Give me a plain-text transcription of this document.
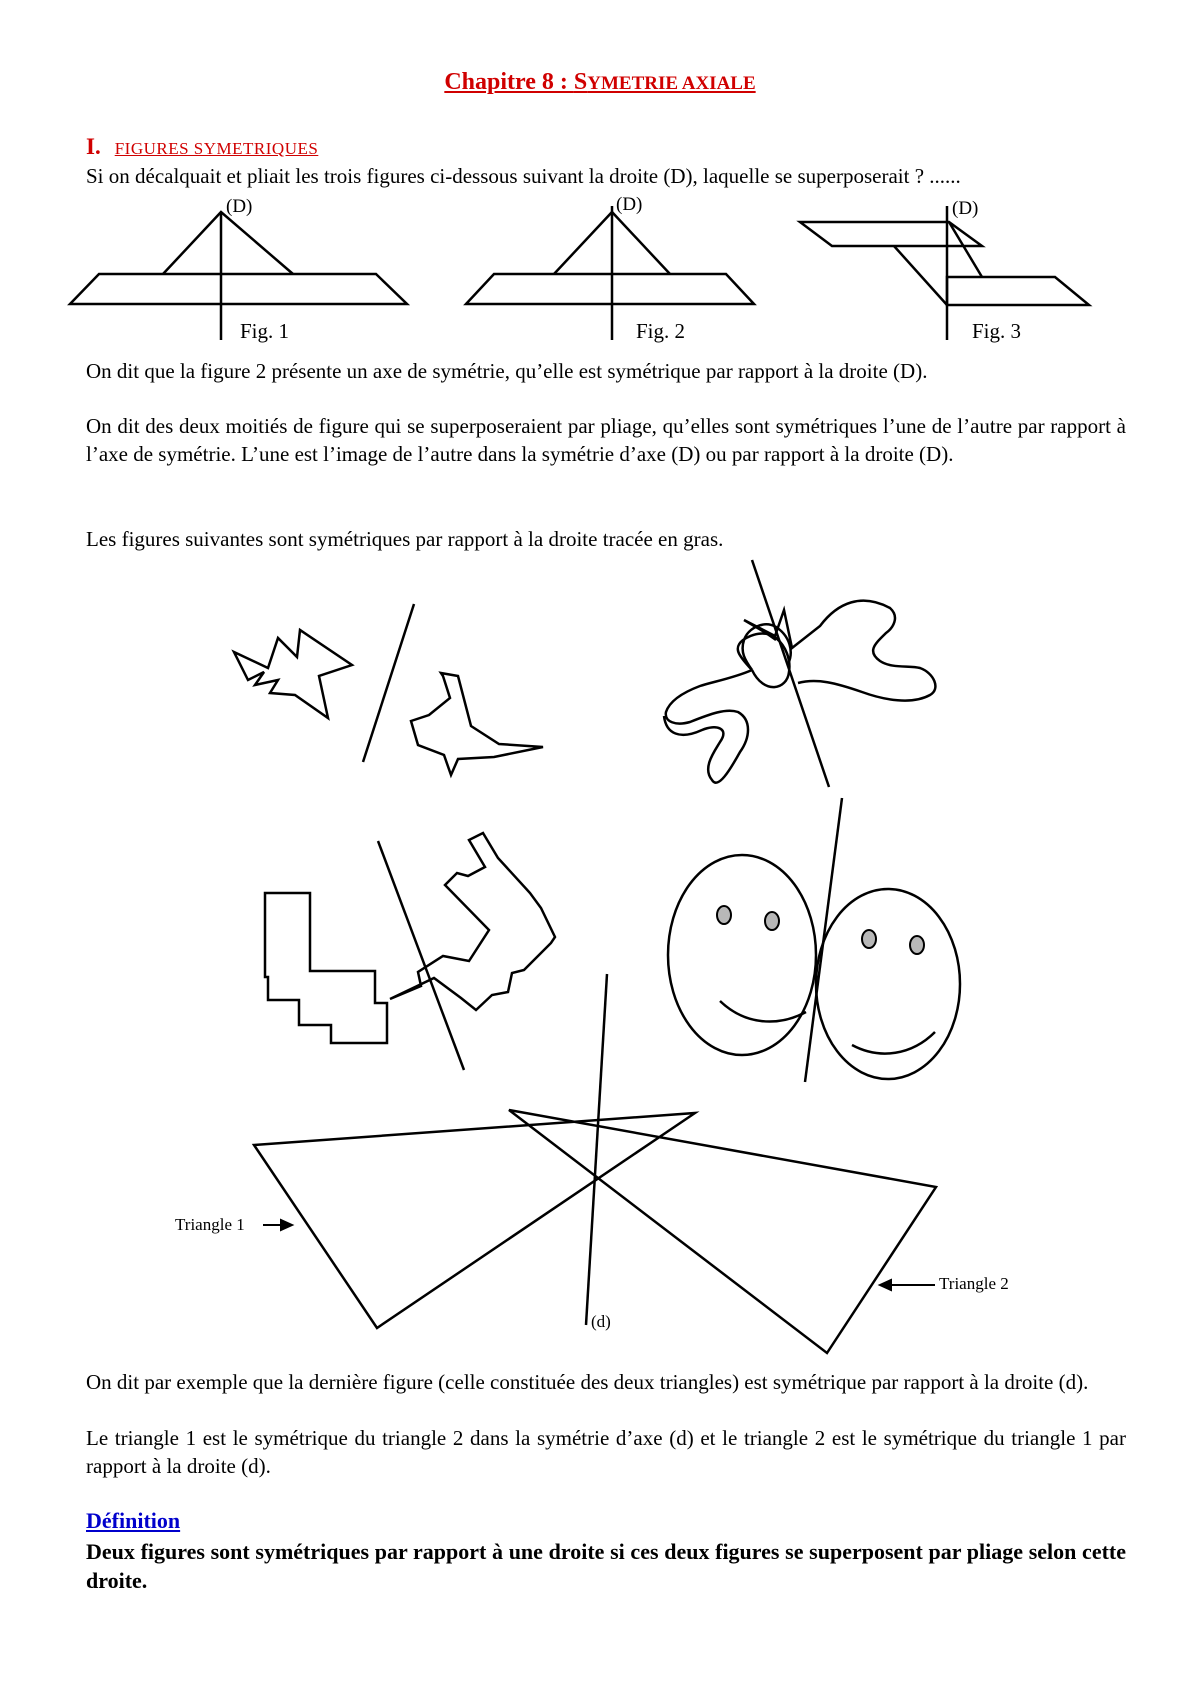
Chapitre 8 : SYMETRIE AXIALE
I. FIGURES SYMETRIQUES
Si on décalquait et pliait les trois figures ci-dessous suivant la droite (D), laquelle se superposerait ? ......
(D)	(D)	(D)
Fig. 1	Fig. 2	Fig. 3
On dit que la figure 2 présente un axe de symétrie, qu’elle est symétrique par rapport à la droite (D).
On dit des deux moitiés de figure qui se superposeraient par pliage, qu’elles sont symétriques l’une de l’autre par rapport à l’axe de symétrie. L’une est l’image de l’autre dans la symétrie d’axe (D) ou par rapport à la droite (D).
Les figures suivantes sont symétriques par rapport à la droite tracée en gras.
Triangle 1
Triangle 2
(d)
On dit par exemple que la dernière figure (celle constituée des deux triangles) est symétrique par rapport à la droite (d).
Le triangle 1 est le symétrique du triangle 2 dans la symétrie d’axe (d) et le triangle 2 est le symétrique du triangle 1 par rapport à la droite (d).
Définition
Deux figures sont symétriques par rapport à une droite si ces deux figures se superposent par pliage selon cette droite.
